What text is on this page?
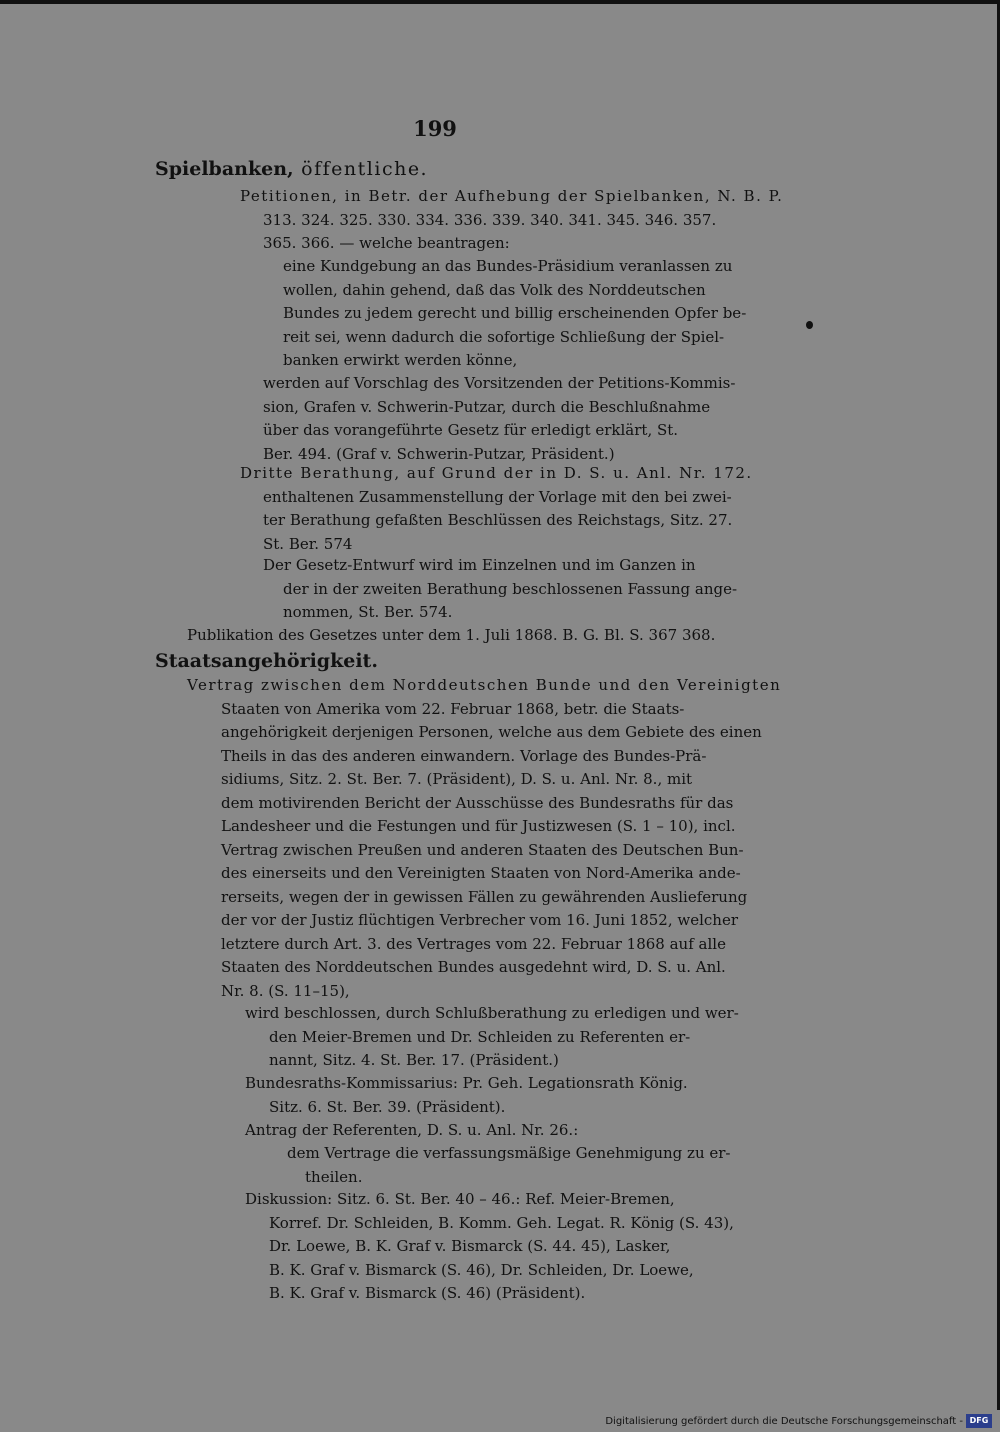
199
Spielbanken, öffentliche.
Petitionen, in Betr. der Aufhebung der Spielbanken, N. B. P.
313. 324. 325. 330. 334. 336. 339. 340. 341. 345. 346. 357.
365. 366. — welche beantragen:
eine Kundgebung an das Bundes-Präsidium veranlassen zu
wollen, dahin gehend, daß das Volk des Norddeutschen
Bundes zu jedem gerecht und billig erscheinenden Opfer be-
reit sei, wenn dadurch die sofortige Schließung der Spiel-
banken erwirkt werden könne,
werden auf Vorschlag des Vorsitzenden der Petitions-Kommis-
sion, Grafen v. Schwerin-Putzar, durch die Beschlußnahme
über das vorangeführte Gesetz für erledigt erklärt, St.
Ber. 494. (Graf v. Schwerin-Putzar, Präsident.)
Dritte Berathung, auf Grund der in D. S. u. Anl. Nr. 172.
enthaltenen Zusammenstellung der Vorlage mit den bei zwei-
ter Berathung gefaßten Beschlüssen des Reichstags, Sitz. 27.
St. Ber. 574
Der Gesetz-Entwurf wird im Einzelnen und im Ganzen in
der in der zweiten Berathung beschlossenen Fassung ange-
nommen, St. Ber. 574.
Publikation des Gesetzes unter dem 1. Juli 1868. B. G. Bl. S. 367 368.
Staatsangehörigkeit.
Vertrag zwischen dem Norddeutschen Bunde und den Vereinigten
Staaten von Amerika vom 22. Februar 1868, betr. die Staats-
angehörigkeit derjenigen Personen, welche aus dem Gebiete des einen
Theils in das des anderen einwandern. Vorlage des Bundes-Prä-
sidiums, Sitz. 2. St. Ber. 7. (Präsident), D. S. u. Anl. Nr. 8., mit
dem motivirenden Bericht der Ausschüsse des Bundesraths für das
Landesheer und die Festungen und für Justizwesen (S. 1 – 10), incl.
Vertrag zwischen Preußen und anderen Staaten des Deutschen Bun-
des einerseits und den Vereinigten Staaten von Nord-Amerika ande-
rerseits, wegen der in gewissen Fällen zu gewährenden Auslieferung
der vor der Justiz flüchtigen Verbrecher vom 16. Juni 1852, welcher
letztere durch Art. 3. des Vertrages vom 22. Februar 1868 auf alle
Staaten des Norddeutschen Bundes ausgedehnt wird, D. S. u. Anl.
Nr. 8. (S. 11–15),
wird beschlossen, durch Schlußberathung zu erledigen und wer-
den Meier-Bremen und Dr. Schleiden zu Referenten er-
nannt, Sitz. 4. St. Ber. 17. (Präsident.)
Bundesraths-Kommissarius: Pr. Geh. Legationsrath König.
Sitz. 6. St. Ber. 39. (Präsident).
Antrag der Referenten, D. S. u. Anl. Nr. 26.:
dem Vertrage die verfassungsmäßige Genehmigung zu er-
theilen.
Diskussion: Sitz. 6. St. Ber. 40 – 46.: Ref. Meier-Bremen,
Korref. Dr. Schleiden, B. Komm. Geh. Legat. R. König (S. 43),
Dr. Loewe, B. K. Graf v. Bismarck (S. 44. 45), Lasker,
B. K. Graf v. Bismarck (S. 46), Dr. Schleiden, Dr. Loewe,
B. K. Graf v. Bismarck (S. 46) (Präsident).
Digitalisierung gefördert durch die Deutsche Forschungsgemeinschaft - DFG
